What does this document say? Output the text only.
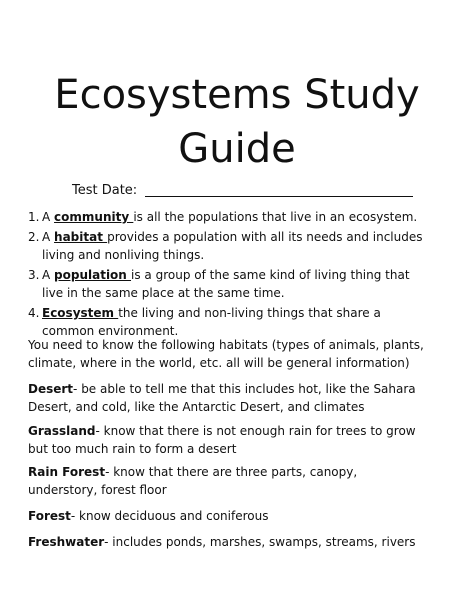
Ecosystems Study
Guide
Test Date:
1. A community is all the populations that live in an ecosystem.
2. A habitat provides a population with all its needs and includes living and nonliving things.
3. A population is a group of the same kind of living thing that live in the same place at the same time.
4. Ecosystem the living and non-living things that share a common environment.

You need to know the following habitats (types of animals, plants, climate, where in the world, etc. all will be general information)

Desert- be able to tell me that this includes hot, like the Sahara Desert, and cold, like the Antarctic Desert, and climates

Grassland- know that there is not enough rain for trees to grow but too much rain to form a desert

Rain Forest- know that there are three parts, canopy, understory, forest floor

Forest- know deciduous and coniferous

Freshwater- includes ponds, marshes, swamps, streams, rivers
